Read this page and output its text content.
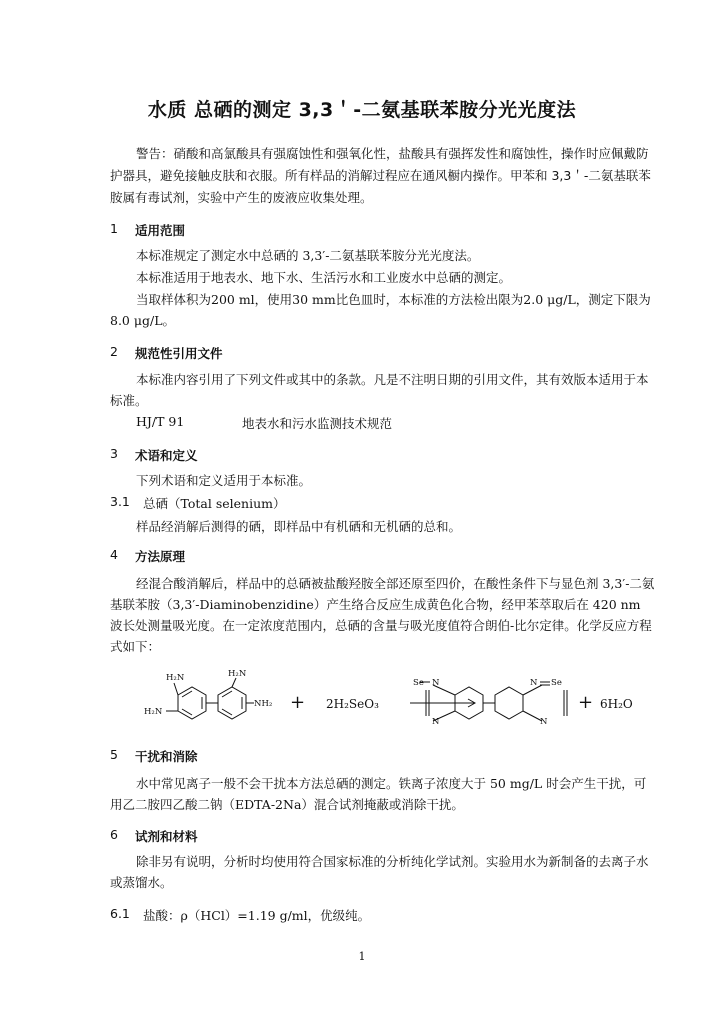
水质 总硒的测定 3,3＇-二氨基联苯胺分光光度法
警告：硝酸和高氯酸具有强腐蚀性和强氧化性，盐酸具有强挥发性和腐蚀性，操作时应佩戴防护器具，避免接触皮肤和衣服。所有样品的消解过程应在通风橱内操作。甲苯和 3,3＇-二氨基联苯胺属有毒试剂，实验中产生的废液应收集处理。
1	适用范围
本标准规定了测定水中总硒的 3,3′-二氨基联苯胺分光光度法。
本标准适用于地表水、地下水、生活污水和工业废水中总硒的测定。
当取样体积为200 ml，使用30 mm比色皿时，本标准的方法检出限为2.0 μg/L，测定下限为8.0 μg/L。
2	规范性引用文件
本标准内容引用了下列文件或其中的条款。凡是不注明日期的引用文件，其有效版本适用于本标准。
HJ/T 91	地表水和污水监测技术规范
3	术语和定义
下列术语和定义适用于本标准。
3.1	总硒（Total selenium）
样品经消解后测得的硒，即样品中有机硒和无机硒的总和。
4	方法原理
经混合酸消解后，样品中的总硒被盐酸羟胺全部还原至四价，在酸性条件下与显色剂 3,3′-二氨基联苯胺（3,3′-Diaminobenzidine）产生络合反应生成黄色化合物，经甲苯萃取后在 420 nm 波长处测量吸光度。在一定浓度范围内，总硒的含量与吸光度值符合朗伯-比尔定律。化学反应方程式如下：
H₂N
H₂N
H₂N
NH₂
Se N
N
N Se
N
+ 2H₂SeO₃	+ 6H₂O
5	干扰和消除
水中常见离子一般不会干扰本方法总硒的测定。铁离子浓度大于 50 mg/L 时会产生干扰，可用乙二胺四乙酸二钠（EDTA-2Na）混合试剂掩蔽或消除干扰。
6	试剂和材料
除非另有说明，分析时均使用符合国家标准的分析纯化学试剂。实验用水为新制备的去离子水或蒸馏水。
6.1	盐酸：ρ（HCl）=1.19 g/ml，优级纯。
1
